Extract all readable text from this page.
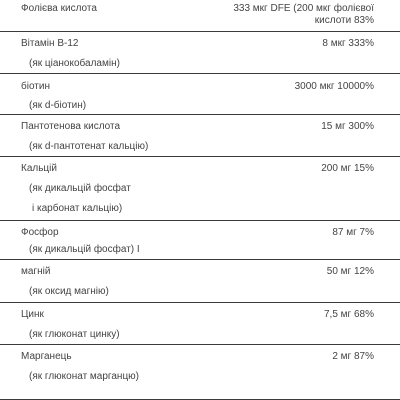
Фолієва кислота	333 мкг DFE (200 мкг фолієвої
кислоти 83%
Вітамін B-12	8 мкг 333%
(як ціанокобаламін)
біотин	3000 мкг 10000%
(як d-біотин)
Пантотенова кислота	15 мг 300%
(як d-пантотенат кальцію)
Кальцій	200 мг 15%
(як дикальцій фосфат
і карбонат кальцію)
Фосфор	87 мг 7%
(як дикальцій фосфат) I
магній	50 мг 12%
(як оксид магнію)
Цинк	7,5 мг 68%
(як глюконат цинку)
Марганець	2 мг 87%
(як глюконат марганцю)
